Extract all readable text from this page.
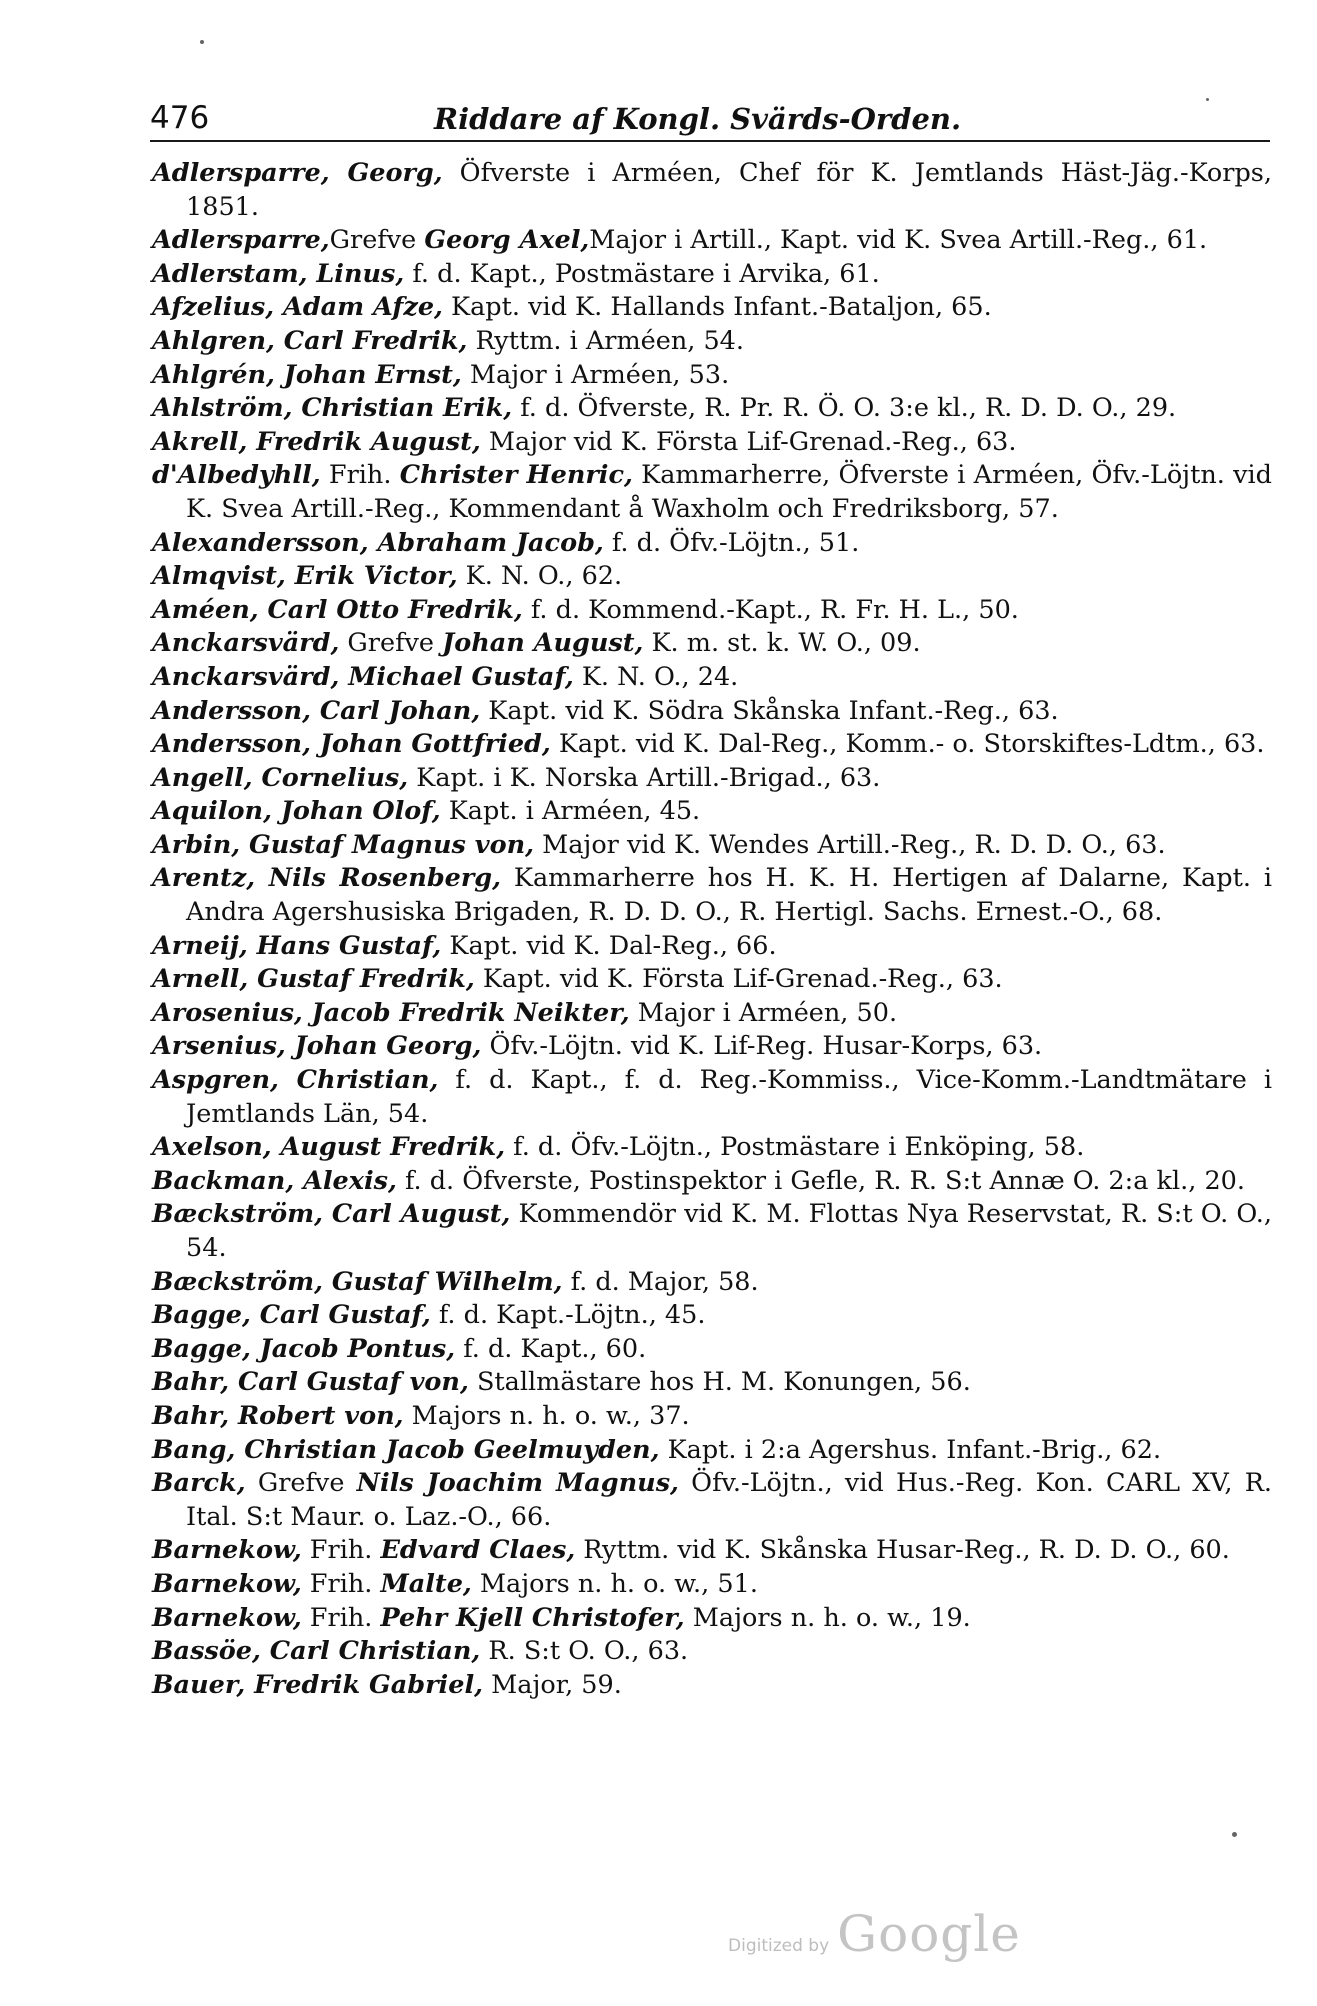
476	Riddare af Kongl. Svärds-Orden.
Adlersparre, Georg, Öfverste i Arméen, Chef för K. Jemtlands Häst-Jäg.-Korps, 1851.
Adlersparre,Grefve Georg Axel,Major i Artill., Kapt. vid K. Svea Artill.-Reg., 61.
Adlerstam, Linus, f. d. Kapt., Postmästare i Arvika, 61.
Afzelius, Adam Afze, Kapt. vid K. Hallands Infant.-Bataljon, 65.
Ahlgren, Carl Fredrik, Ryttm. i Arméen, 54.
Ahlgrén, Johan Ernst, Major i Arméen, 53.
Ahlström, Christian Erik, f. d. Öfverste, R. Pr. R. Ö. O. 3:e kl., R. D. D. O., 29.
Akrell, Fredrik August, Major vid K. Första Lif-Grenad.-Reg., 63.
d'Albedyhll, Frih. Christer Henric, Kammarherre, Öfverste i Arméen, Öfv.-Löjtn. vid K. Svea Artill.-Reg., Kommendant å Waxholm och Fredriksborg, 57.
Alexandersson, Abraham Jacob, f. d. Öfv.-Löjtn., 51.
Almqvist, Erik Victor, K. N. O., 62.
Améen, Carl Otto Fredrik, f. d. Kommend.-Kapt., R. Fr. H. L., 50.
Anckarsvärd, Grefve Johan August, K. m. st. k. W. O., 09.
Anckarsvärd, Michael Gustaf, K. N. O., 24.
Andersson, Carl Johan, Kapt. vid K. Södra Skånska Infant.-Reg., 63.
Andersson, Johan Gottfried, Kapt. vid K. Dal-Reg., Komm.- o. Storskiftes-Ldtm., 63.
Angell, Cornelius, Kapt. i K. Norska Artill.-Brigad., 63.
Aquilon, Johan Olof, Kapt. i Arméen, 45.
Arbin, Gustaf Magnus von, Major vid K. Wendes Artill.-Reg., R. D. D. O., 63.
Arentz, Nils Rosenberg, Kammarherre hos H. K. H. Hertigen af Dalarne, Kapt. i Andra Agershusiska Brigaden, R. D. D. O., R. Hertigl. Sachs. Ernest.-O., 68.
Arneij, Hans Gustaf, Kapt. vid K. Dal-Reg., 66.
Arnell, Gustaf Fredrik, Kapt. vid K. Första Lif-Grenad.-Reg., 63.
Arosenius, Jacob Fredrik Neikter, Major i Arméen, 50.
Arsenius, Johan Georg, Öfv.-Löjtn. vid K. Lif-Reg. Husar-Korps, 63.
Aspgren, Christian, f. d. Kapt., f. d. Reg.-Kommiss., Vice-Komm.-Landtmätare i Jemtlands Län, 54.
Axelson, August Fredrik, f. d. Öfv.-Löjtn., Postmästare i Enköping, 58.
Backman, Alexis, f. d. Öfverste, Postinspektor i Gefle, R. R. S:t Annæ O. 2:a kl., 20.
Bæckström, Carl August, Kommendör vid K. M. Flottas Nya Reservstat, R. S:t O. O., 54.
Bæckström, Gustaf Wilhelm, f. d. Major, 58.
Bagge, Carl Gustaf, f. d. Kapt.-Löjtn., 45.
Bagge, Jacob Pontus, f. d. Kapt., 60.
Bahr, Carl Gustaf von, Stallmästare hos H. M. Konungen, 56.
Bahr, Robert von, Majors n. h. o. w., 37.
Bang, Christian Jacob Geelmuyden, Kapt. i 2:a Agershus. Infant.-Brig., 62.
Barck, Grefve Nils Joachim Magnus, Öfv.-Löjtn., vid Hus.-Reg. Kon. CARL XV, R. Ital. S:t Maur. o. Laz.-O., 66.
Barnekow, Frih. Edvard Claes, Ryttm. vid K. Skånska Husar-Reg., R. D. D. O., 60.
Barnekow, Frih. Malte, Majors n. h. o. w., 51.
Barnekow, Frih. Pehr Kjell Christofer, Majors n. h. o. w., 19.
Bassöe, Carl Christian, R. S:t O. O., 63.
Bauer, Fredrik Gabriel, Major, 59.
Digitized by Google
